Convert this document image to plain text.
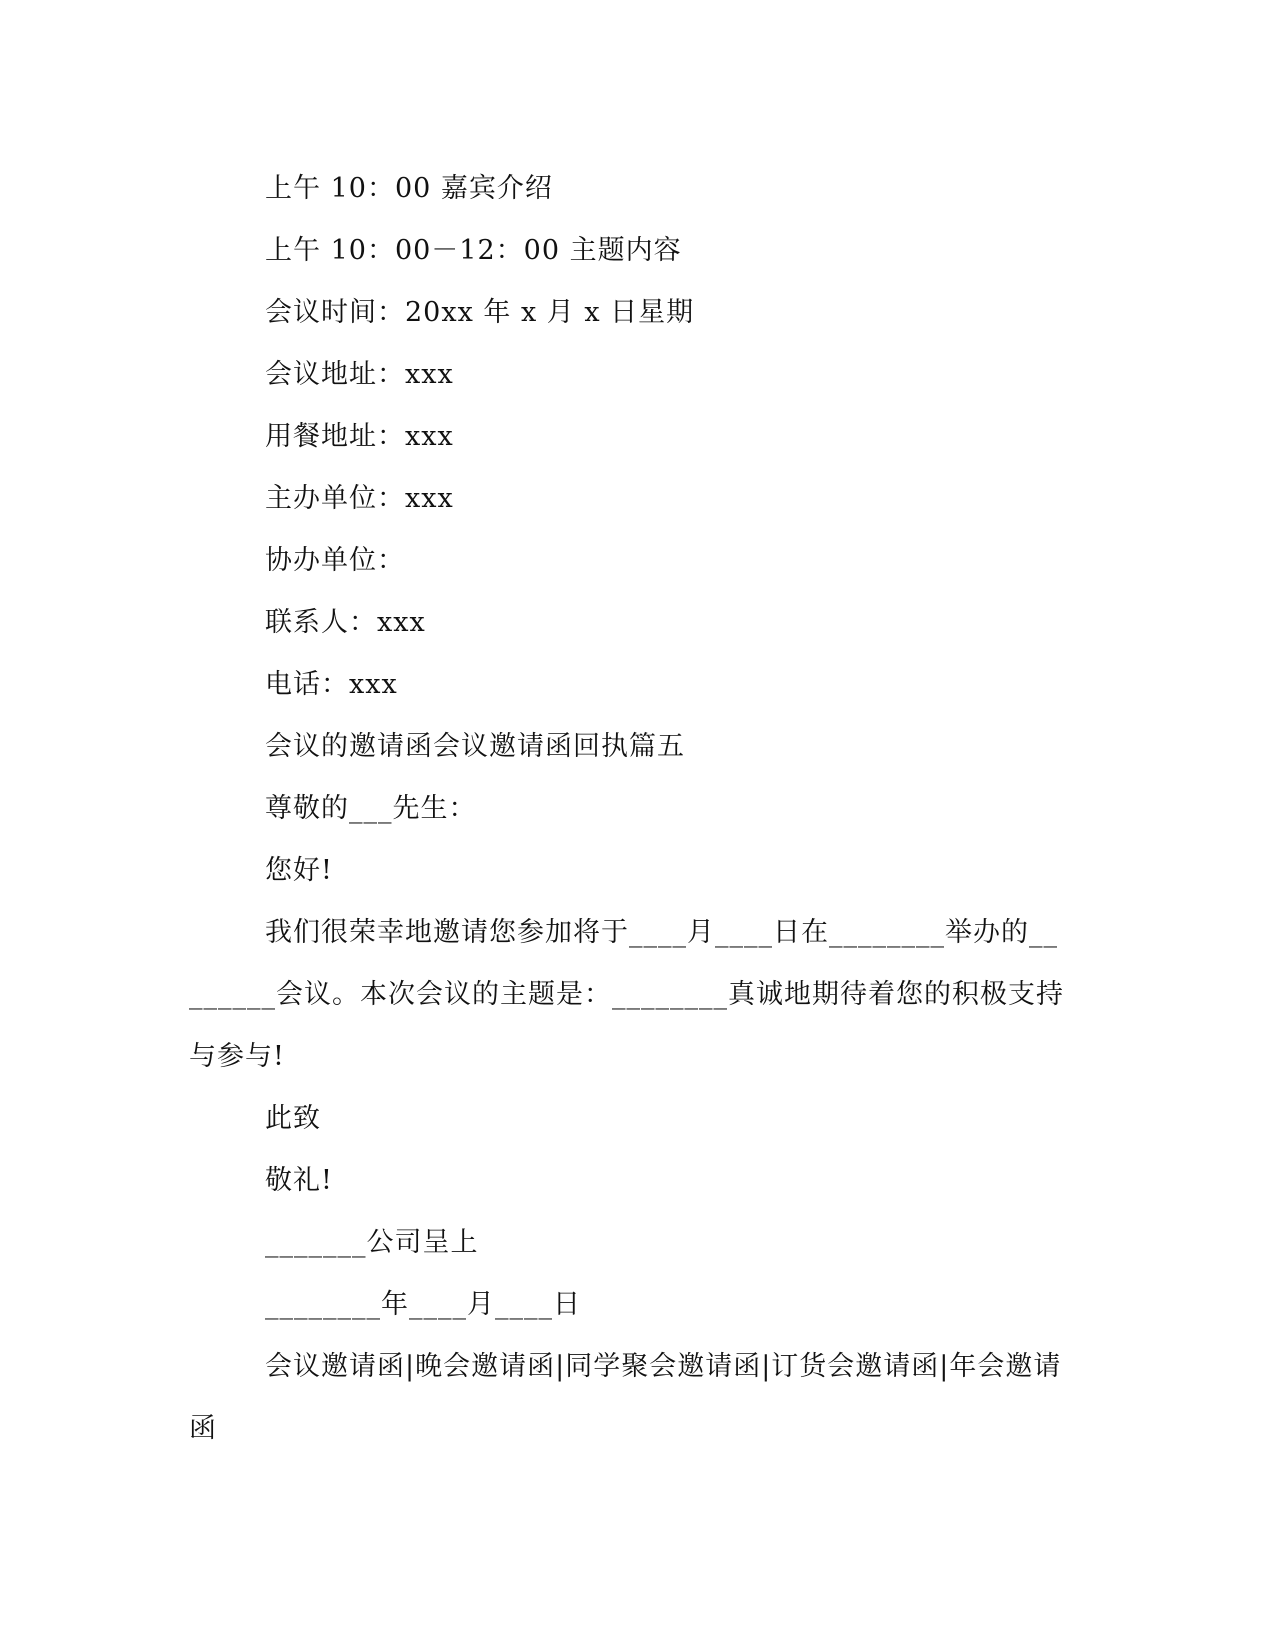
上午 10：00 嘉宾介绍
上午 10：00－12：00 主题内容
会议时间：20xx 年 x 月 x 日星期
会议地址：xxx
用餐地址：xxx
主办单位：xxx
协办单位：
联系人：xxx
电话：xxx
会议的邀请函会议邀请函回执篇五
尊敬的___先生：
您好!
我们很荣幸地邀请您参加将于____月____日在________举办的________会议。本次会议的主题是：________真诚地期待着您的积极支持与参与!
此致
敬礼!
_______公司呈上
________年____月____日
会议邀请函|晚会邀请函|同学聚会邀请函|订货会邀请函|年会邀请函
